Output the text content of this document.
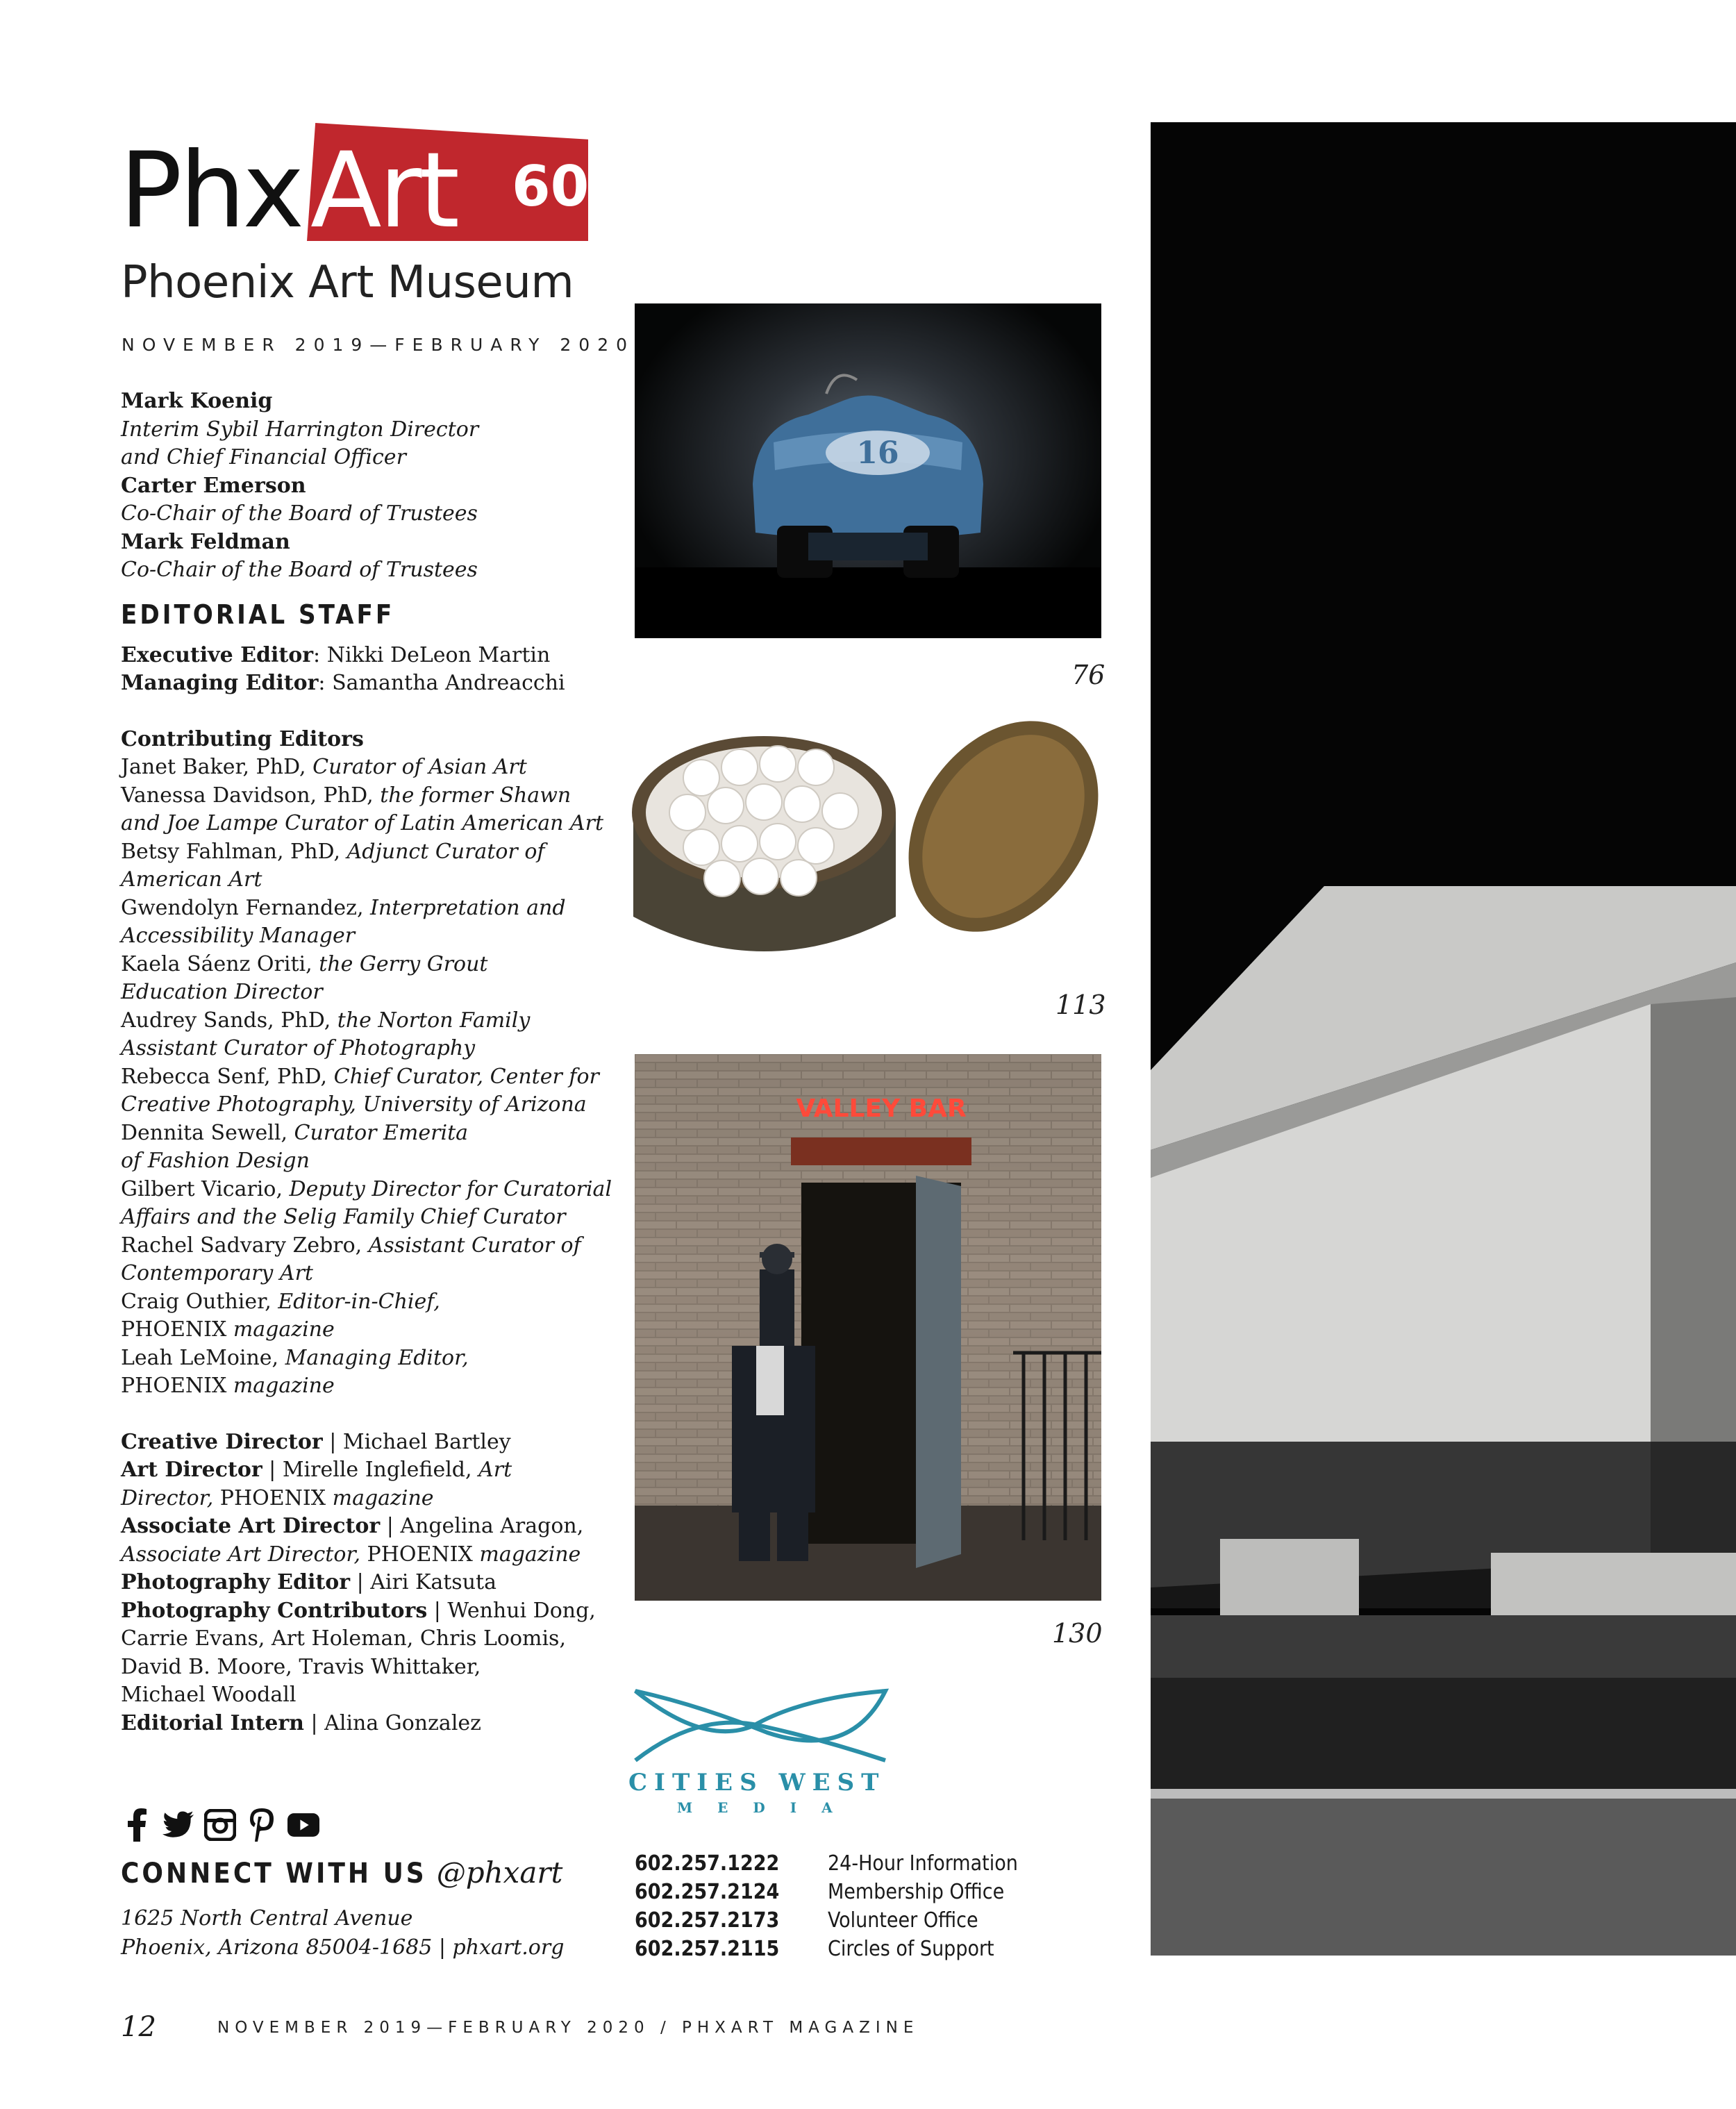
Phx Art 60
Phoenix Art Museum
NOVEMBER 2019—FEBRUARY 2020
Mark Koenig
Interim Sybil Harrington Director
and Chief Financial Officer
Carter Emerson
Co-Chair of the Board of Trustees
Mark Feldman
Co-Chair of the Board of Trustees
EDITORIAL STAFF
Executive Editor: Nikki DeLeon Martin
Managing Editor: Samantha Andreacchi
Contributing Editors
Janet Baker, PhD, Curator of Asian Art
Vanessa Davidson, PhD, the former Shawn
and Joe Lampe Curator of Latin American Art
Betsy Fahlman, PhD, Adjunct Curator of
American Art
Gwendolyn Fernandez, Interpretation and
Accessibility Manager
Kaela Sáenz Oriti, the Gerry Grout
Education Director
Audrey Sands, PhD, the Norton Family
Assistant Curator of Photography
Rebecca Senf, PhD, Chief Curator, Center for
Creative Photography, University of Arizona
Dennita Sewell, Curator Emerita
of Fashion Design
Gilbert Vicario, Deputy Director for Curatorial
Affairs and the Selig Family Chief Curator
Rachel Sadvary Zebro, Assistant Curator of
Contemporary Art
Craig Outhier, Editor-in-Chief,
PHOENIX magazine
Leah LeMoine, Managing Editor,
PHOENIX magazine
Creative Director | Michael Bartley
Art Director | Mirelle Inglefield, Art
Director, PHOENIX magazine
Associate Art Director | Angelina Aragon,
Associate Art Director, PHOENIX magazine
Photography Editor | Airi Katsuta
Photography Contributors | Wenhui Dong,
Carrie Evans, Art Holeman, Chris Loomis,
David B. Moore, Travis Whittaker,
Michael Woodall
Editorial Intern | Alina Gonzalez
16
76
113
VALLEY BAR
130
CITIES WEST
MEDIA
CONNECT WITH US @phxart
1625 North Central Avenue
Phoenix, Arizona 85004-1685 | phxart.org
602.257.1222	24-Hour Information
602.257.2124	Membership Office
602.257.2173	Volunteer Office
602.257.2115	Circles of Support
12	NOVEMBER 2019—FEBRUARY 2020 / PHXART MAGAZINE
